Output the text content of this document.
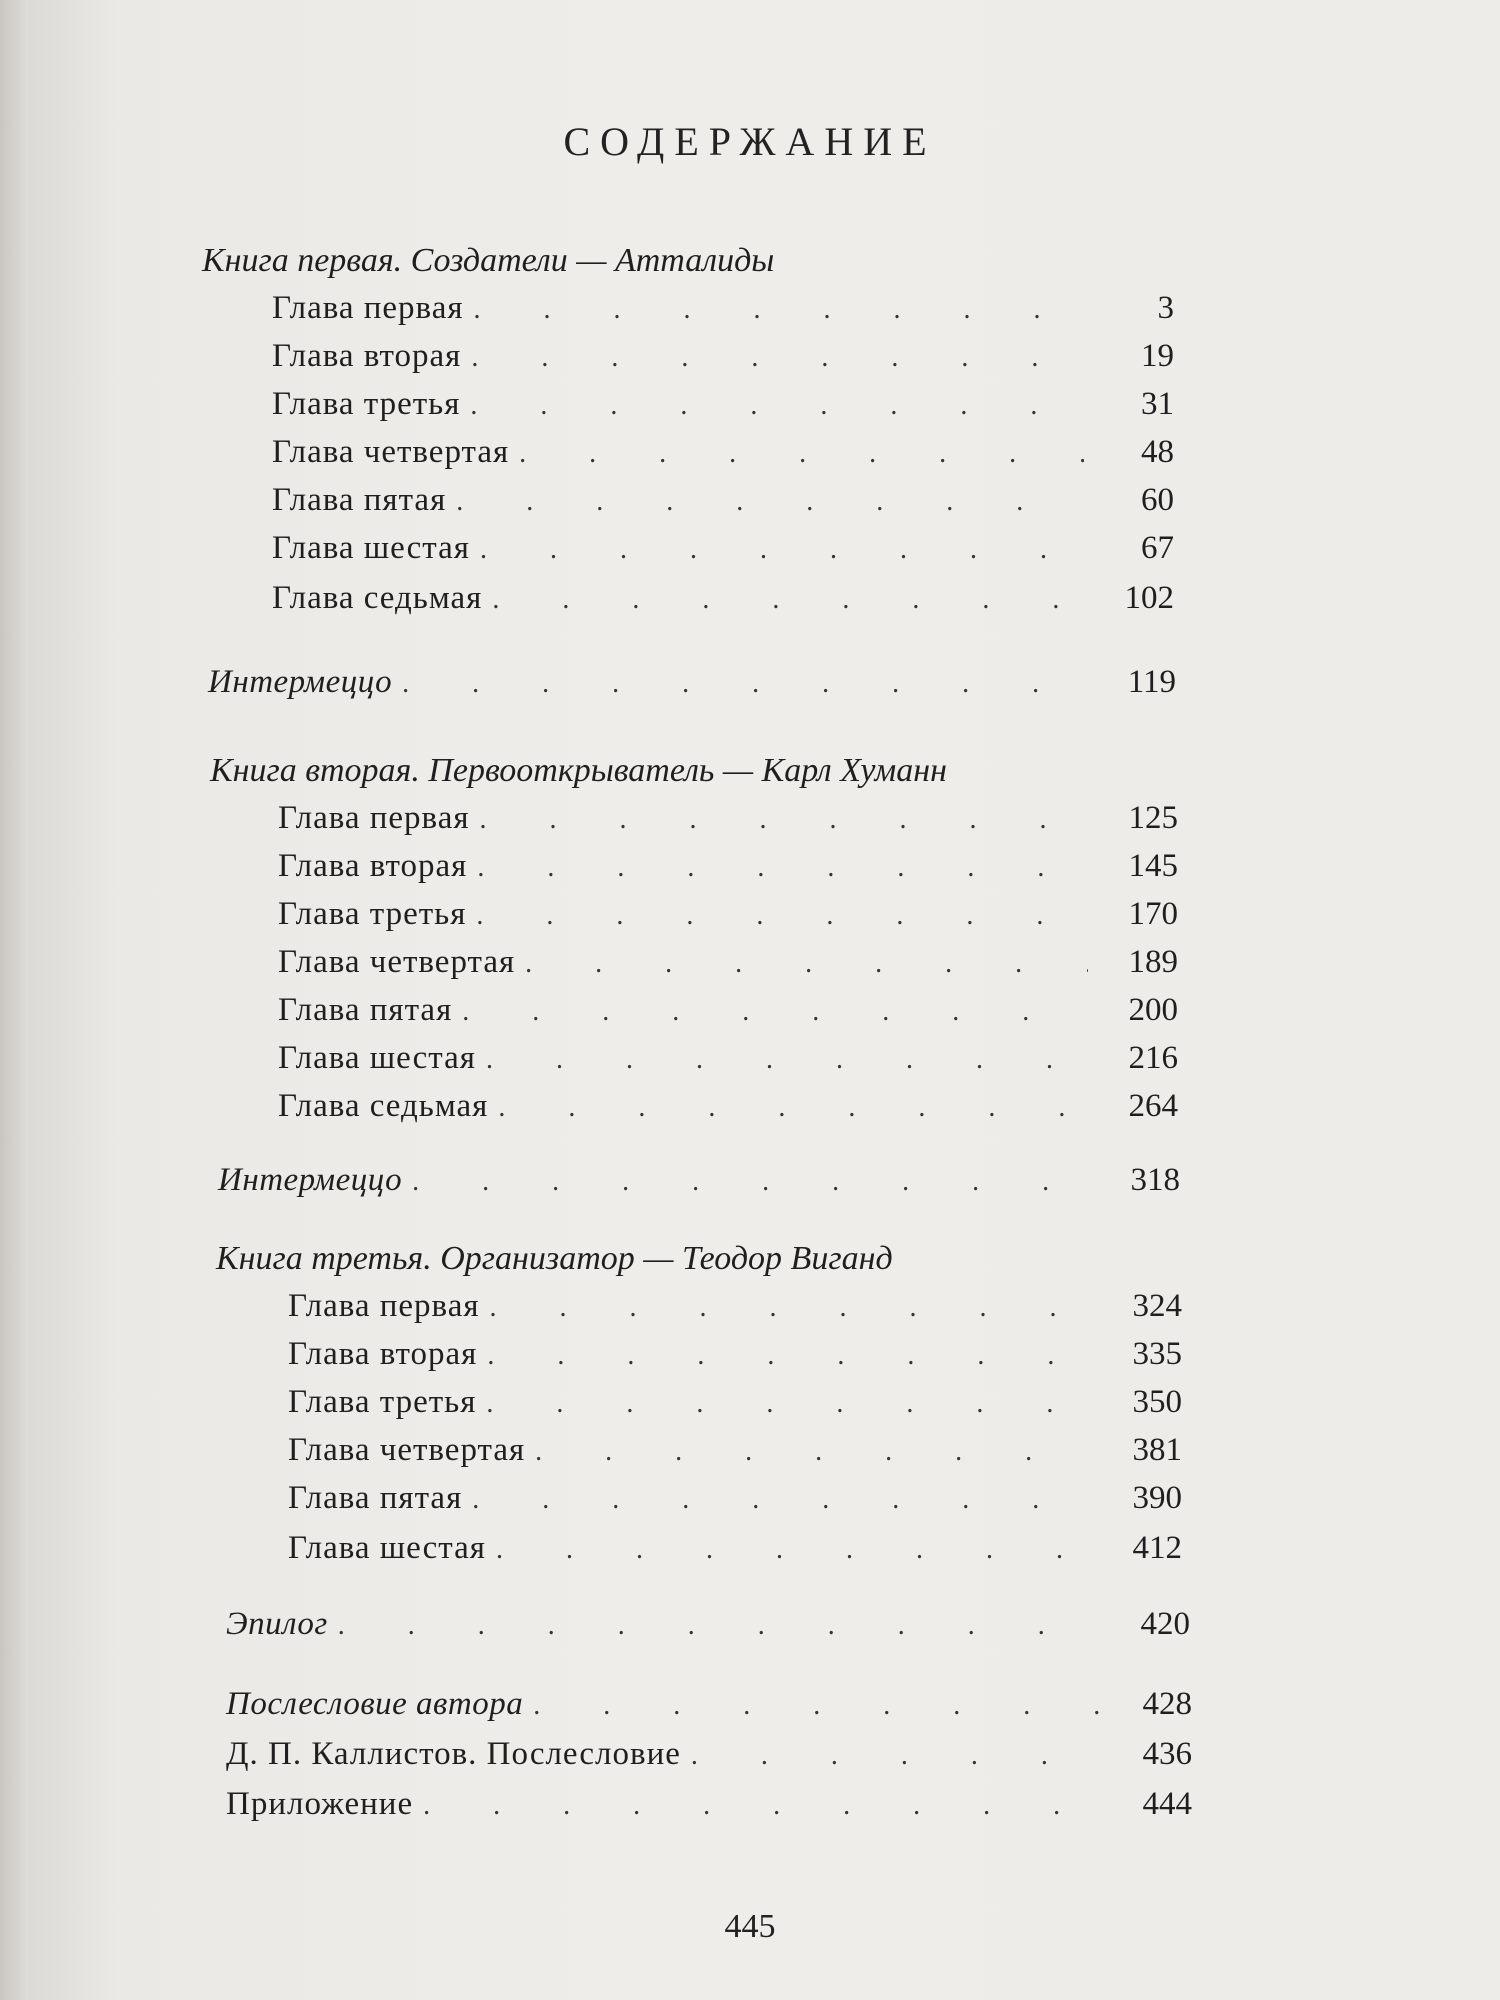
СОДЕРЖАНИЕ
Книга первая. Создатели — Атталиды
Глава первая . . .	3
Глава вторая . . .	19
Глава третья . . .	31
Глава четвертая . . .	48
Глава пятая . . .	60
Глава шестая . . .	67
Глава седьмая . . .	102
Интермеццо . . .	119
Книга вторая. Первооткрыватель — Карл Хуманн
Глава первая . . .	125
Глава вторая . . .	145
Глава третья . . .	170
Глава четвертая . . .	189
Глава пятая . . .	200
Глава шестая . . .	216
Глава седьмая . . .	264
Интермеццо . . .	318
Книга третья. Организатор — Теодор Виганд
Глава первая . . .	324
Глава вторая . . .	335
Глава третья . . .	350
Глава четвертая . . .	381
Глава пятая . . .	390
Глава шестая . . .	412
Эпилог . . .	420
Послесловие автора . . .	428
Д. П. Каллистов. Послесловие . . .	436
Приложение . . .	444
445
